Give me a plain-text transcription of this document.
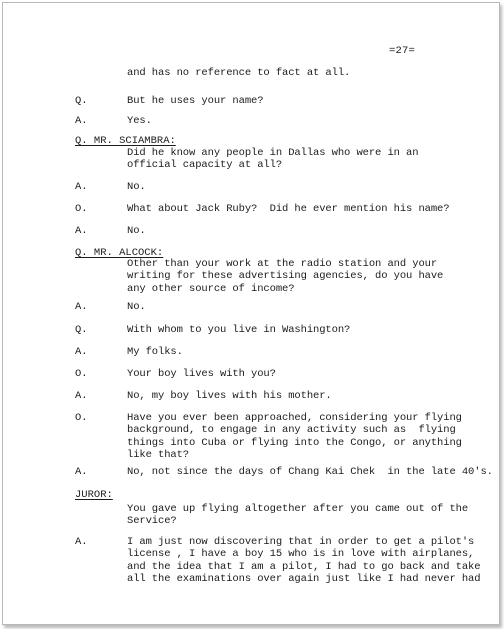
=27=
and has no reference to fact at all.
Q.	But he uses your name?
A.	Yes.
Q. MR. SCIAMBRA:
Did he know any people in Dallas who were in an
official capacity at all?
A.	No.
O.	What about Jack Ruby?  Did he ever mention his name?
A.	No.
Q. MR. ALCOCK:
Other than your work at the radio station and your
writing for these advertising agencies, do you have
any other source of income?
A.	No.
Q.	With whom to you live in Washington?
A.	My folks.
O.	Your boy lives with you?
A.	No, my boy lives with his mother.
O.	Have you ever been approached, considering your flying
background, to engage in any activity such as  flying
things into Cuba or flying into the Congo, or anything
like that?
A.	No, not since the days of Chang Kai Chek  in the late 40's.
JUROR:
You gave up flying altogether after you came out of the
Service?
A.	I am just now discovering that in order to get a pilot's
license , I have a boy 15 who is in love with airplanes,
and the idea that I am a pilot, I had to go back and take
all the examinations over again just like I had never had
